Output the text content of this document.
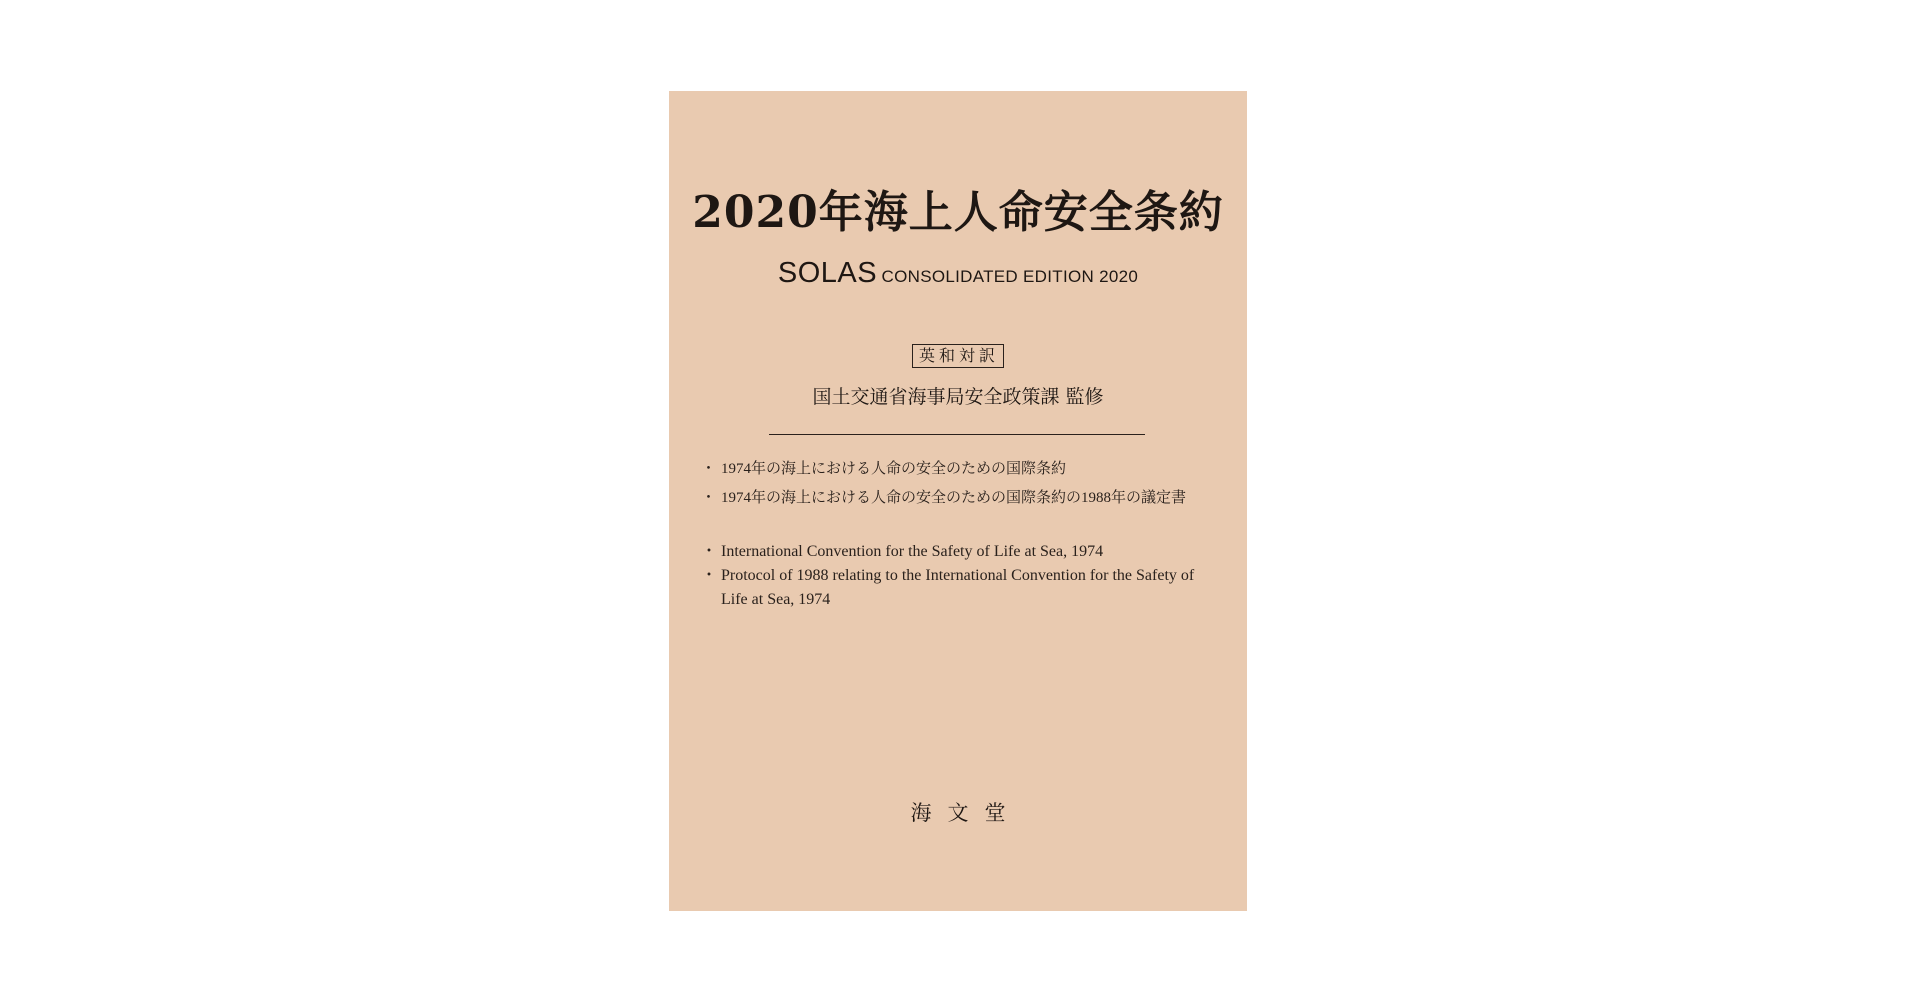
2020年海上人命安全条約
SOLAS CONSOLIDATED EDITION 2020
英和対訳
国土交通省海事局安全政策課 監修
・ 1974年の海上における人命の安全のための国際条約
・ 1974年の海上における人命の安全のための国際条約の1988年の議定書
・ International Convention for the Safety of Life at Sea, 1974
・ Protocol of 1988 relating to the International Convention for the Safety of Life at Sea, 1974
海文堂
